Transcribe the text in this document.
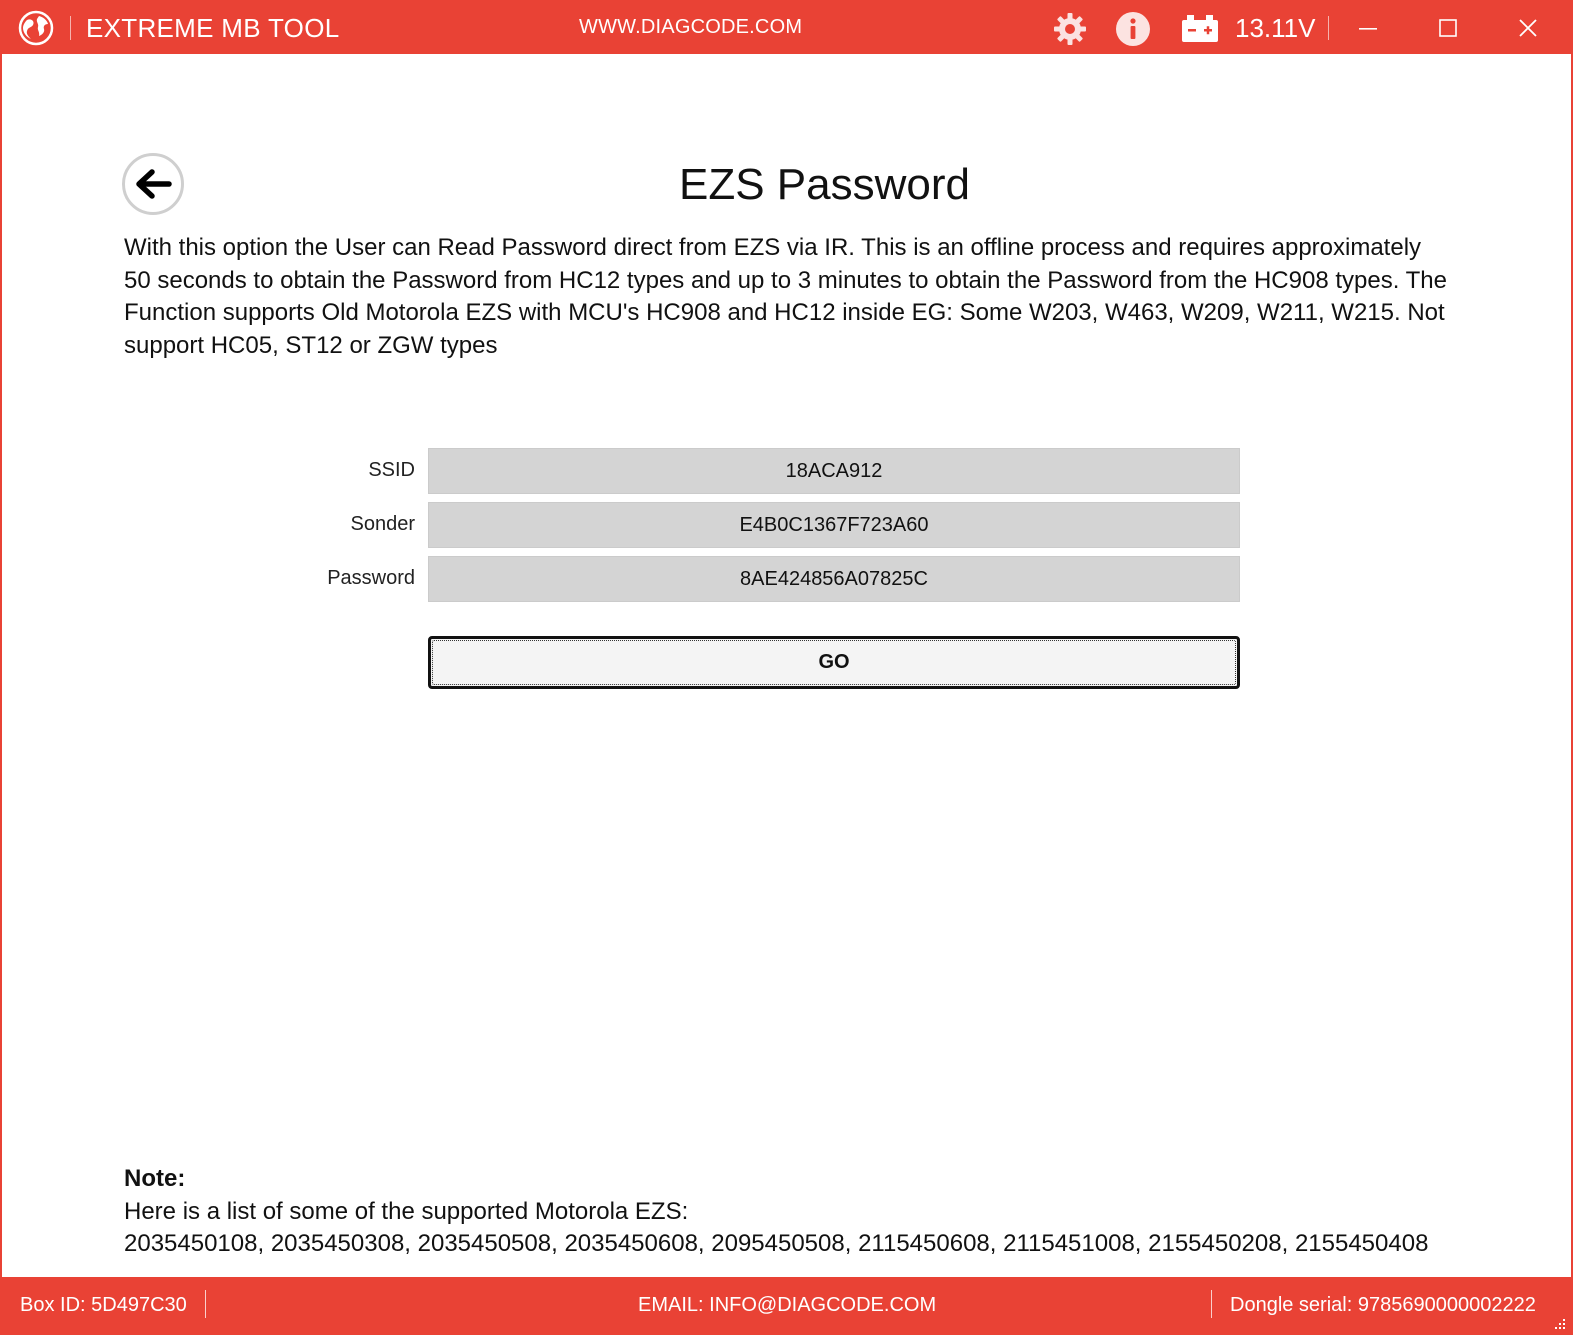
EXTREME MB TOOL	WWW.DIAGCODE.COM	13.11V
EZS Password

With this option the User can Read Password direct from EZS via IR. This is an offline process and requires approximately 50 seconds to obtain the Password from HC12 types and up to 3 minutes to obtain the Password from the HC908 types. The Function supports Old Motorola EZS with MCU's HC908 and HC12 inside EG: Some W203, W463, W209, W211, W215. Not support HC05, ST12 or ZGW types

SSID	18ACA912
Sonder	E4B0C1367F723A60
Password	8AE424856A07825C
GO
Note:
Here is a list of some of the supported Motorola EZS:
2035450108, 2035450308, 2035450508, 2035450608, 2095450508, 2115450608, 2115451008, 2155450208, 2155450408
Box ID: 5D497C30	EMAIL: INFO@DIAGCODE.COM	Dongle serial: 9785690000002222
